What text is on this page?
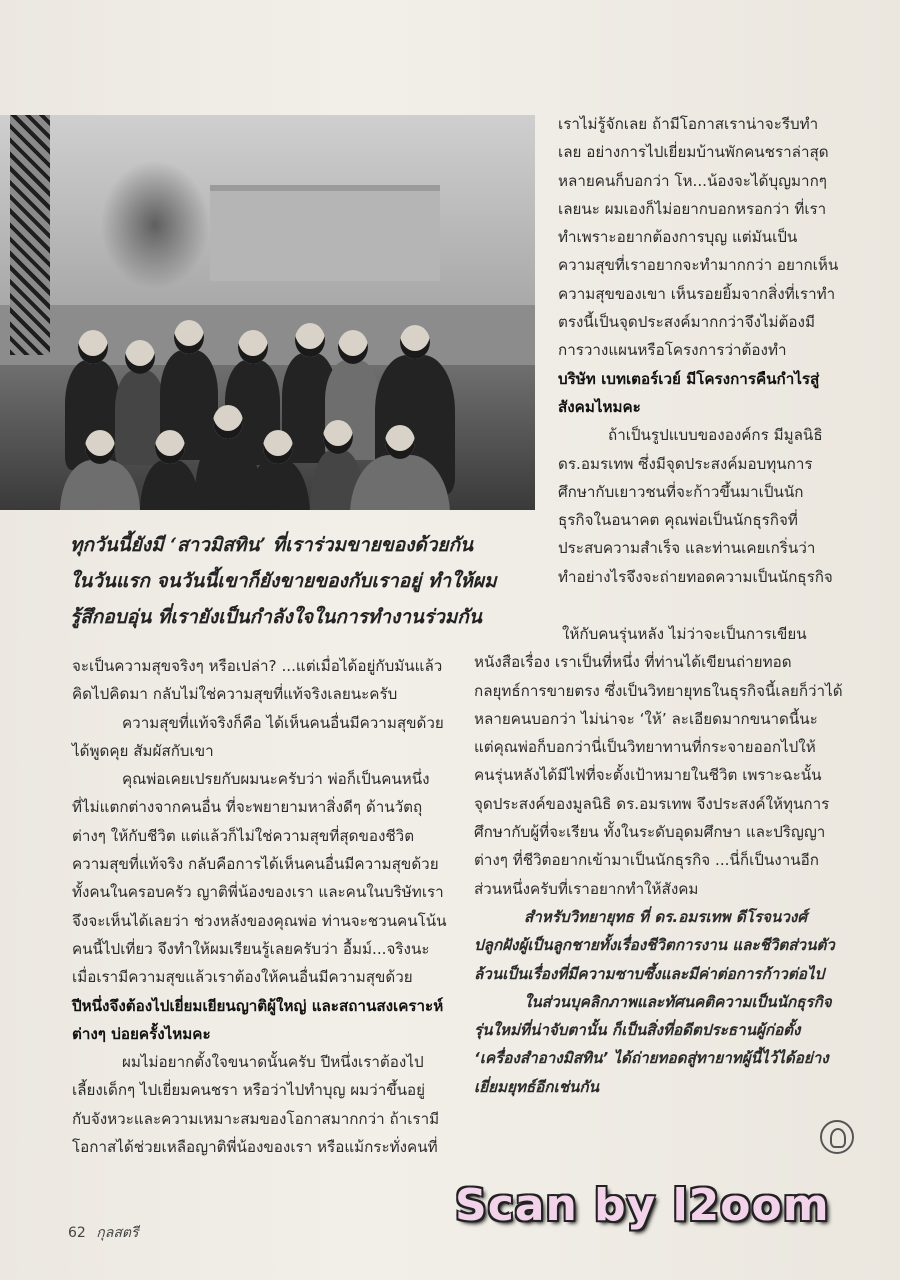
ทุกวันนี้ยังมี ‘สาวมิสทิน’ ที่เราร่วมขายของด้วยกัน
ในวันแรก จนวันนี้เขาก็ยังขายของกับเราอยู่ ทำให้ผม
รู้สึกอบอุ่น ที่เรายังเป็นกำลังใจในการทำงานร่วมกัน
เราไม่รู้จักเลย ถ้ามีโอกาสเราน่าจะรีบทำ
เลย อย่างการไปเยี่ยมบ้านพักคนชราล่าสุด
หลายคนก็บอกว่า โห...น้องจะได้บุญมากๆ
เลยนะ ผมเองก็ไม่อยากบอกหรอกว่า ที่เรา
ทำเพราะอยากต้องการบุญ แต่มันเป็น
ความสุขที่เราอยากจะทำมากกว่า อยากเห็น
ความสุขของเขา เห็นรอยยิ้มจากสิ่งที่เราทำ
ตรงนี้เป็นจุดประสงค์มากกว่าจึงไม่ต้องมี
การวางแผนหรือโครงการว่าต้องทำ
บริษัท เบทเตอร์เวย์ มีโครงการคืนกำไรสู่
สังคมไหมคะ
ถ้าเป็นรูปแบบขององค์กร มีมูลนิธิ
ดร.อมรเทพ ซึ่งมีจุดประสงค์มอบทุนการ
ศึกษากับเยาวชนที่จะก้าวขึ้นมาเป็นนัก
ธุรกิจในอนาคต คุณพ่อเป็นนักธุรกิจที่
ประสบความสำเร็จ และท่านเคยเกริ่นว่า
ทำอย่างไรจึงจะถ่ายทอดความเป็นนักธุรกิจ
ให้กับคนรุ่นหลัง ไม่ว่าจะเป็นการเขียน
หนังสือเรื่อง เราเป็นที่หนึ่ง ที่ท่านได้เขียนถ่ายทอด
กลยุทธ์การขายตรง ซึ่งเป็นวิทยายุทธในธุรกิจนี้เลยก็ว่าได้
หลายคนบอกว่า ไม่น่าจะ ‘ให้’ ละเอียดมากขนาดนี้นะ
แต่คุณพ่อก็บอกว่านี่เป็นวิทยาทานที่กระจายออกไปให้
คนรุ่นหลังได้มีไฟที่จะตั้งเป้าหมายในชีวิต เพราะฉะนั้น
จุดประสงค์ของมูลนิธิ ดร.อมรเทพ จึงประสงค์ให้ทุนการ
ศึกษากับผู้ที่จะเรียน ทั้งในระดับอุดมศึกษา และปริญญา
ต่างๆ ที่ชีวิตอยากเข้ามาเป็นนักธุรกิจ ...นี่ก็เป็นงานอีก
ส่วนหนึ่งครับที่เราอยากทำให้สังคม
สำหรับวิทยายุทธ ที่ ดร.อมรเทพ ดีโรจนวงศ์
ปลูกฝังผู้เป็นลูกชายทั้งเรื่องชีวิตการงาน และชีวิตส่วนตัว
ล้วนเป็นเรื่องที่มีความซาบซึ้งและมีค่าต่อการก้าวต่อไป
ในส่วนบุคลิกภาพและทัศนคติความเป็นนักธุรกิจ
รุ่นใหม่ที่น่าจับตานั้น ก็เป็นสิ่งที่อดีตประธานผู้ก่อตั้ง
‘เครื่องสำอางมิสทิน’ ได้ถ่ายทอดสู่ทายาทผู้นี้ไว้ได้อย่าง
เยี่ยมยุทธ์อีกเช่นกัน
จะเป็นความสุขจริงๆ หรือเปล่า? ...แต่เมื่อได้อยู่กับมันแล้ว
คิดไปคิดมา กลับไม่ใช่ความสุขที่แท้จริงเลยนะครับ
ความสุขที่แท้จริงก็คือ ได้เห็นคนอื่นมีความสุขด้วย
ได้พูดคุย สัมผัสกับเขา
คุณพ่อเคยเปรยกับผมนะครับว่า พ่อก็เป็นคนหนึ่ง
ที่ไม่แตกต่างจากคนอื่น ที่จะพยายามหาสิ่งดีๆ ด้านวัตถุ
ต่างๆ ให้กับชีวิต แต่แล้วก็ไม่ใช่ความสุขที่สุดของชีวิต
ความสุขที่แท้จริง กลับคือการได้เห็นคนอื่นมีความสุขด้วย
ทั้งคนในครอบครัว ญาติพี่น้องของเรา และคนในบริษัทเรา
จึงจะเห็นได้เลยว่า ช่วงหลังของคุณพ่อ ท่านจะชวนคนโน้น
คนนี้ไปเที่ยว จึงทำให้ผมเรียนรู้เลยครับว่า อื้มม์...จริงนะ
เมื่อเรามีความสุขแล้วเราต้องให้คนอื่นมีความสุขด้วย
ปีหนึ่งจึงต้องไปเยี่ยมเยียนญาติผู้ใหญ่ และสถานสงเคราะห์
ต่างๆ บ่อยครั้งไหมคะ
ผมไม่อยากตั้งใจขนาดนั้นครับ ปีหนึ่งเราต้องไป
เลี้ยงเด็กๆ ไปเยี่ยมคนชรา หรือว่าไปทำบุญ ผมว่าขึ้นอยู่
กับจังหวะและความเหมาะสมของโอกาสมากกว่า ถ้าเรามี
โอกาสได้ช่วยเหลือญาติพี่น้องของเรา หรือแม้กระทั่งคนที่
62 กุลสตรี
Scan by l2oom
